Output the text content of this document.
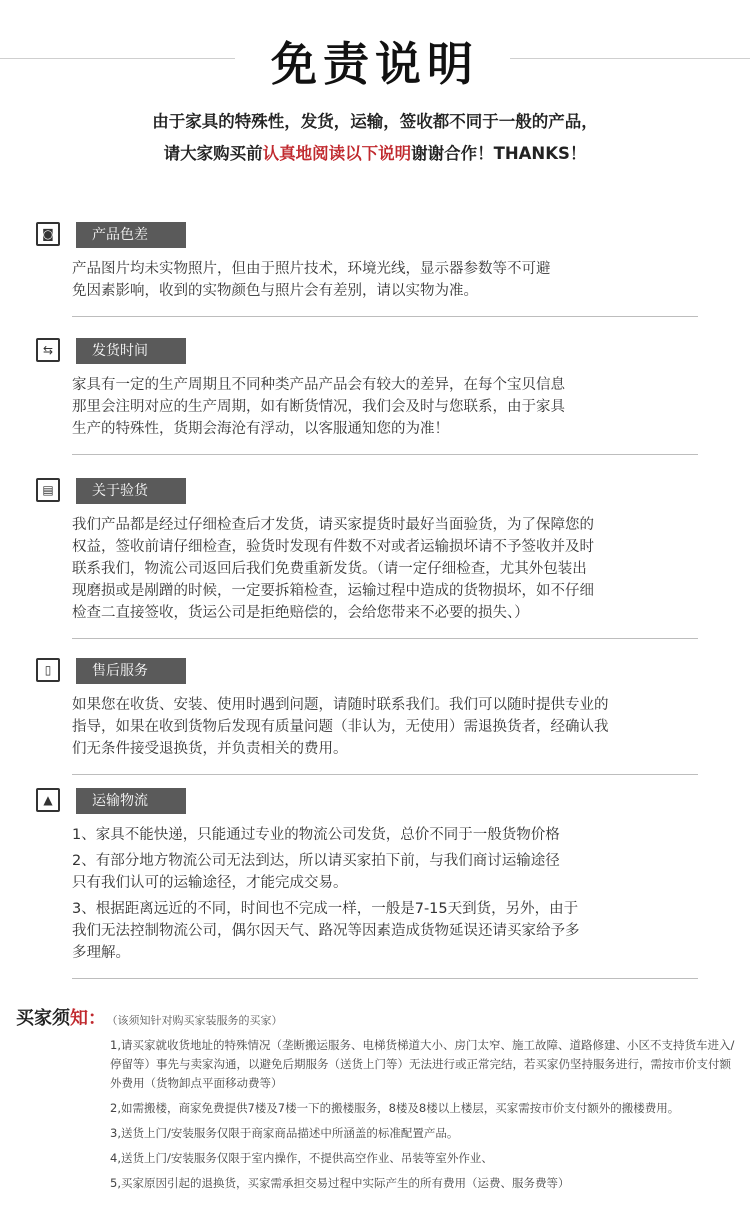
免责说明
由于家具的特殊性，发货，运输，签收都不同于一般的产品，
请大家购买前认真地阅读以下说明谢谢合作！THANKS！
◙	产品色差

产品图片均未实物照片，但由于照片技术，环境光线，显示器参数等不可避

免因素影响，收到的实物颜色与照片会有差别，请以实物为准。

⇆	发货时间

家具有一定的生产周期且不同种类产品产品会有较大的差异，在每个宝贝信息

那里会注明对应的生产周期，如有断货情况，我们会及时与您联系，由于家具

生产的特殊性，货期会海沧有浮动，以客服通知您的为准！

▤	关于验货

我们产品都是经过仔细检查后才发货，请买家提货时最好当面验货，为了保障您的

权益，签收前请仔细检查，验货时发现有件数不对或者运输损坏请不予签收并及时

联系我们，物流公司返回后我们免费重新发货。（请一定仔细检查，尤其外包装出

现磨损或是剐蹭的时候，一定要拆箱检查，运输过程中造成的货物损坏，如不仔细

检查二直接签收，货运公司是拒绝赔偿的，会给您带来不必要的损失、）

▯	售后服务

如果您在收货、安装、使用时遇到问题，请随时联系我们。我们可以随时提供专业的

指导，如果在收到货物后发现有质量问题（非认为，无使用）需退换货者，经确认我

们无条件接受退换货，并负责相关的费用。

▲	运输物流

1、家具不能快递，只能通过专业的物流公司发货，总价不同于一般货物价格

2、有部分地方物流公司无法到达，所以请买家拍下前，与我们商讨运输途径

只有我们认可的运输途径，才能完成交易。

3、根据距离远近的不同，时间也不完成一样，一般是7-15天到货，另外，由于

我们无法控制物流公司，偶尔因天气、路况等因素造成货物延误还请买家给予多

多理解。

买家须知： （该须知针对购买家装服务的买家）

1,请买家就收货地址的特殊情况（垄断搬运服务、电梯货梯道大小、房门太窄、施工故障、道路修建、小区不支持货车进入/停留等）事先与卖家沟通，以避免后期服务（送货上门等）无法进行或正常完结，若买家仍坚持服务进行，需按市价支付额外费用（货物卸点平面移动费等）

2,如需搬楼，商家免费提供7楼及7楼一下的搬楼服务，8楼及8楼以上楼层，买家需按市价支付额外的搬楼费用。

3,送货上门/安装服务仅限于商家商品描述中所涵盖的标准配置产品。

4,送货上门/安装服务仅限于室内操作，不提供高空作业、吊装等室外作业、

5,买家原因引起的退换货，买家需承担交易过程中实际产生的所有费用（运费、服务费等）
